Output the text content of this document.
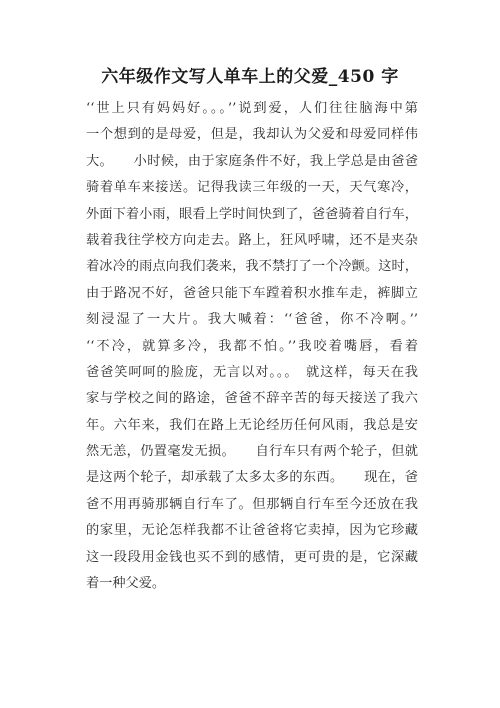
六年级作文写人单车上的父爱_450 字
‘‘世上只有妈妈好。。。’’说到爱，人们往往脑海中第
一个想到的是母爱，但是，我却认为父爱和母爱同样伟
大。　　小时候，由于家庭条件不好，我上学总是由爸爸
骑着单车来接送。记得我读三年级的一天，天气寒冷，
外面下着小雨，眼看上学时间快到了，爸爸骑着自行车，
载着我往学校方向走去。路上，狂风呼啸，还不是夹杂
着冰冷的雨点向我们袭来，我不禁打了一个冷颤。这时，
由于路况不好，爸爸只能下车蹚着积水推车走，裤脚立
刻浸湿了一大片。我大喊着：‘‘爸爸，你不冷啊。’’
‘‘不冷，就算多冷，我都不怕。’’我咬着嘴唇，看着
爸爸笑呵呵的脸庞，无言以对。。。　就这样，每天在我
家与学校之间的路途，爸爸不辞辛苦的每天接送了我六
年。六年来，我们在路上无论经历任何风雨，我总是安
然无恙，仍置毫发无损。　　自行车只有两个轮子，但就
是这两个轮子，却承载了太多太多的东西。　　现在，爸
爸不用再骑那辆自行车了。但那辆自行车至今还放在我
的家里，无论怎样我都不让爸爸将它卖掉，因为它珍藏
这一段段用金钱也买不到的感情，更可贵的是，它深藏
着一种父爱。
